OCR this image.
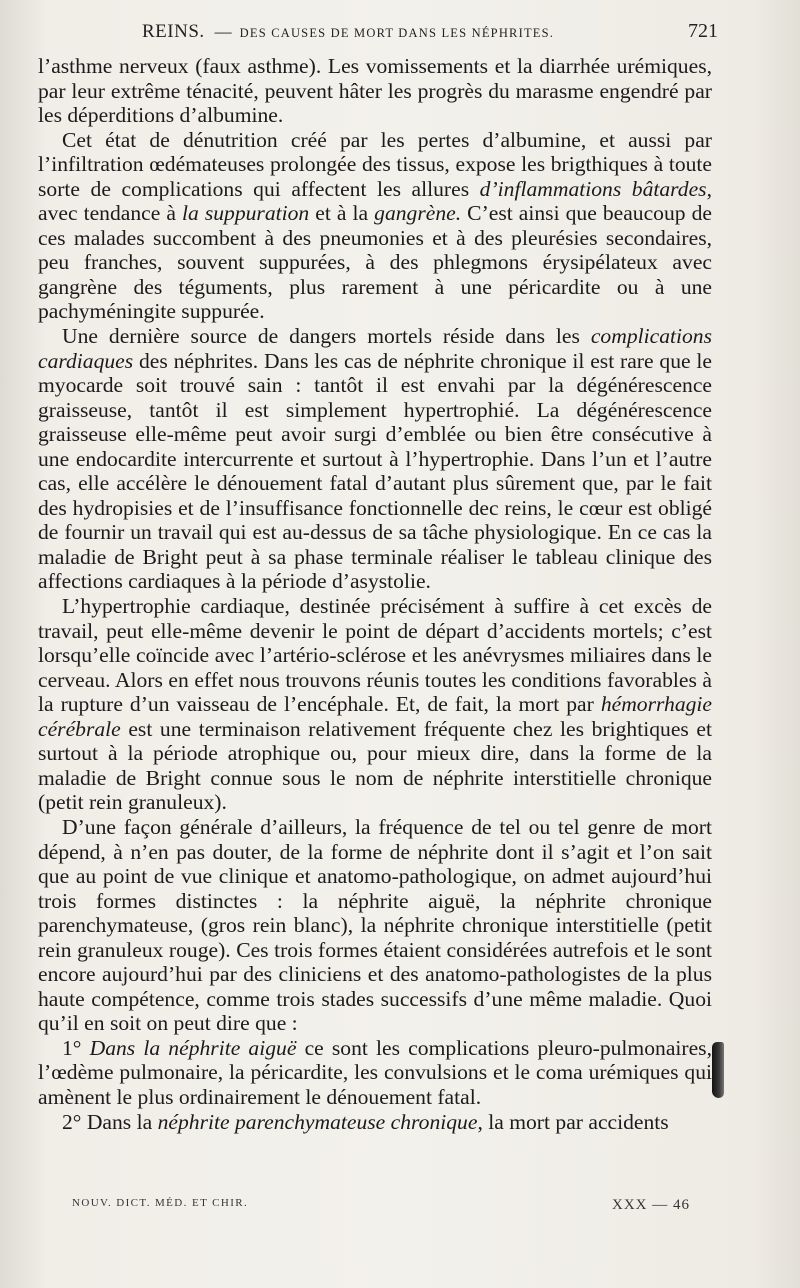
REINS. — DES CAUSES DE MORT DANS LES NÉPHRITES.	721

l’asthme nerveux (faux asthme). Les vomissements et la diarrhée urémiques, par leur extrême ténacité, peuvent hâter les progrès du marasme engendré par les déperditions d’albumine.

Cet état de dénutrition créé par les pertes d’albumine, et aussi par l’infiltration œdémateuses prolongée des tissus, expose les brigthiques à toute sorte de complications qui affectent les allures d’inflammations bâtardes, avec tendance à la suppuration et à la gangrène. C’est ainsi que beaucoup de ces malades succombent à des pneumonies et à des pleurésies secondaires, peu franches, souvent suppurées, à des phlegmons érysipélateux avec gangrène des téguments, plus rarement à une péricardite ou à une pachyméningite suppurée.

Une dernière source de dangers mortels réside dans les complications cardiaques des néphrites. Dans les cas de néphrite chronique il est rare que le myocarde soit trouvé sain : tantôt il est envahi par la dégénérescence graisseuse, tantôt il est simplement hypertrophié. La dégénérescence graisseuse elle-même peut avoir surgi d’emblée ou bien être consécutive à une endocardite intercurrente et surtout à l’hypertrophie. Dans l’un et l’autre cas, elle accélère le dénouement fatal d’autant plus sûrement que, par le fait des hydropisies et de l’insuffisance fonctionnelle dec reins, le cœur est obligé de fournir un travail qui est au-dessus de sa tâche physiologique. En ce cas la maladie de Bright peut à sa phase terminale réaliser le tableau clinique des affections cardiaques à la période d’asystolie.

L’hypertrophie cardiaque, destinée précisément à suffire à cet excès de travail, peut elle-même devenir le point de départ d’accidents mortels; c’est lorsqu’elle coïncide avec l’artério-sclérose et les anévrysmes miliaires dans le cerveau. Alors en effet nous trouvons réunis toutes les conditions favorables à la rupture d’un vaisseau de l’encéphale. Et, de fait, la mort par hémorrhagie cérébrale est une terminaison relativement fréquente chez les brightiques et surtout à la période atrophique ou, pour mieux dire, dans la forme de la maladie de Bright connue sous le nom de néphrite interstitielle chronique (petit rein granuleux).

D’une façon générale d’ailleurs, la fréquence de tel ou tel genre de mort dépend, à n’en pas douter, de la forme de néphrite dont il s’agit et l’on sait que au point de vue clinique et anatomo-pathologique, on admet aujourd’hui trois formes distinctes : la néphrite aiguë, la néphrite chronique parenchymateuse, (gros rein blanc), la néphrite chronique interstitielle (petit rein granuleux rouge). Ces trois formes étaient considérées autrefois et le sont encore aujourd’hui par des cliniciens et des anatomo-pathologistes de la plus haute compétence, comme trois stades successifs d’une même maladie. Quoi qu’il en soit on peut dire que :

1° Dans la néphrite aiguë ce sont les complications pleuro-pulmonaires, l’œdème pulmonaire, la péricardite, les convulsions et le coma urémiques qui amènent le plus ordinairement le dénouement fatal.

2° Dans la néphrite parenchymateuse chronique, la mort par accidents

NOUV. DICT. MÉD. ET CHIR.	XXX — 46
